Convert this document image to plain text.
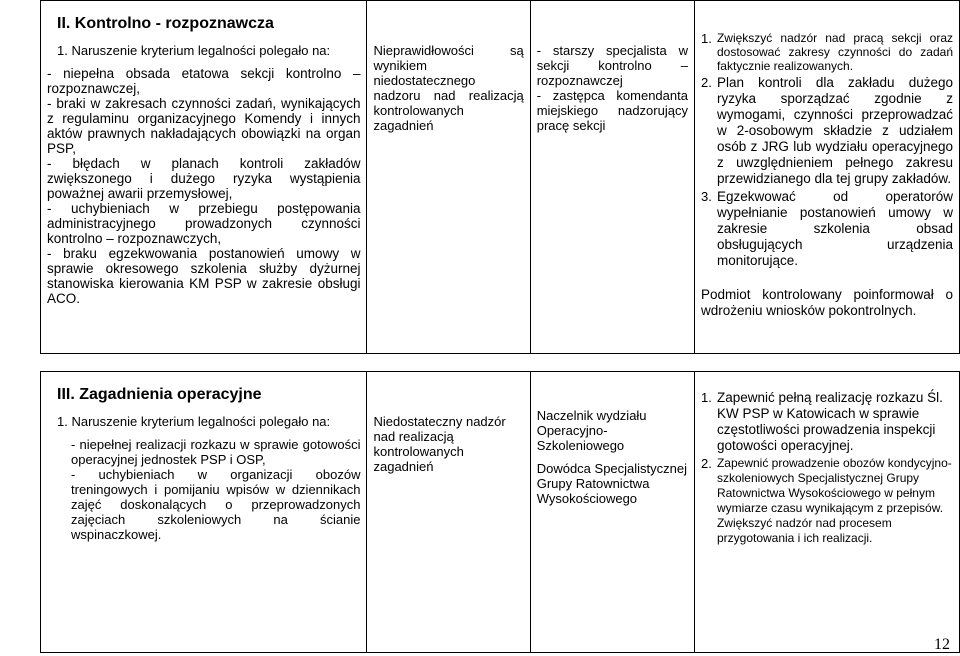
II. Kontrolno - rozpoznawcza
1. Naruszenie kryterium legalności polegało na:
- niepełna obsada etatowa sekcji kontrolno – rozpoznawczej,
- braki w zakresach czynności zadań, wynikających z regulaminu organizacyjnego Komendy i innych aktów prawnych nakładających obowiązki na organ PSP,
- błędach w planach kontroli zakładów zwiększonego i dużego ryzyka wystąpienia poważnej awarii przemysłowej,
- uchybieniach w przebiegu postępowania administracyjnego prowadzonych czynności kontrolno – rozpoznawczych,
- braku egzekwowania postanowień umowy w sprawie okresowego szkolenia służby dyżurnej stanowiska kierowania KM PSP w zakresie obsługi ACO.

Nieprawidłowości są wynikiem niedostatecznego nadzoru nad realizacją kontrolowanych zagadnień

- starszy specjalista w sekcji kontrolno – rozpoznawczej
- zastępca komendanta miejskiego nadzorujący pracę sekcji

1. Zwiększyć nadzór nad pracą sekcji oraz dostosować zakresy czynności do zadań faktycznie realizowanych.
2. Plan kontroli dla zakładu dużego ryzyka sporządzać zgodnie z wymogami, czynności przeprowadzać w 2-osobowym składzie z udziałem osób z JRG lub wydziału operacyjnego z uwzględnieniem pełnego zakresu przewidzianego dla tej grupy zakładów.
3. Egzekwować od operatorów wypełnianie postanowień umowy w zakresie szkolenia obsad obsługujących urządzenia monitorujące.
Podmiot kontrolowany poinformował o wdrożeniu wniosków pokontrolnych.
III. Zagadnienia operacyjne
1. Naruszenie kryterium legalności polegało na:
- niepełnej realizacji rozkazu w sprawie gotowości operacyjnej jednostek PSP i OSP,
- uchybieniach w organizacji obozów treningowych i pomijaniu wpisów w dziennikach zajęć doskonalących o przeprowadzonych zajęciach szkoleniowych na ścianie wspinaczkowej.

Niedostateczny nadzór nad realizacją kontrolowanych zagadnień

Naczelnik wydziału Operacyjno-Szkoleniowego
Dowódca Specjalistycznej Grupy Ratownictwa Wysokościowego

1. Zapewnić pełną realizację rozkazu Śl. KW PSP w Katowicach w sprawie częstotliwości prowadzenia inspekcji gotowości operacyjnej.
2. Zapewnić prowadzenie obozów kondycyjno-szkoleniowych Specjalistycznej Grupy Ratownictwa Wysokościowego w pełnym wymiarze czasu wynikającym z przepisów. Zwiększyć nadzór nad procesem przygotowania i ich realizacji.
12
